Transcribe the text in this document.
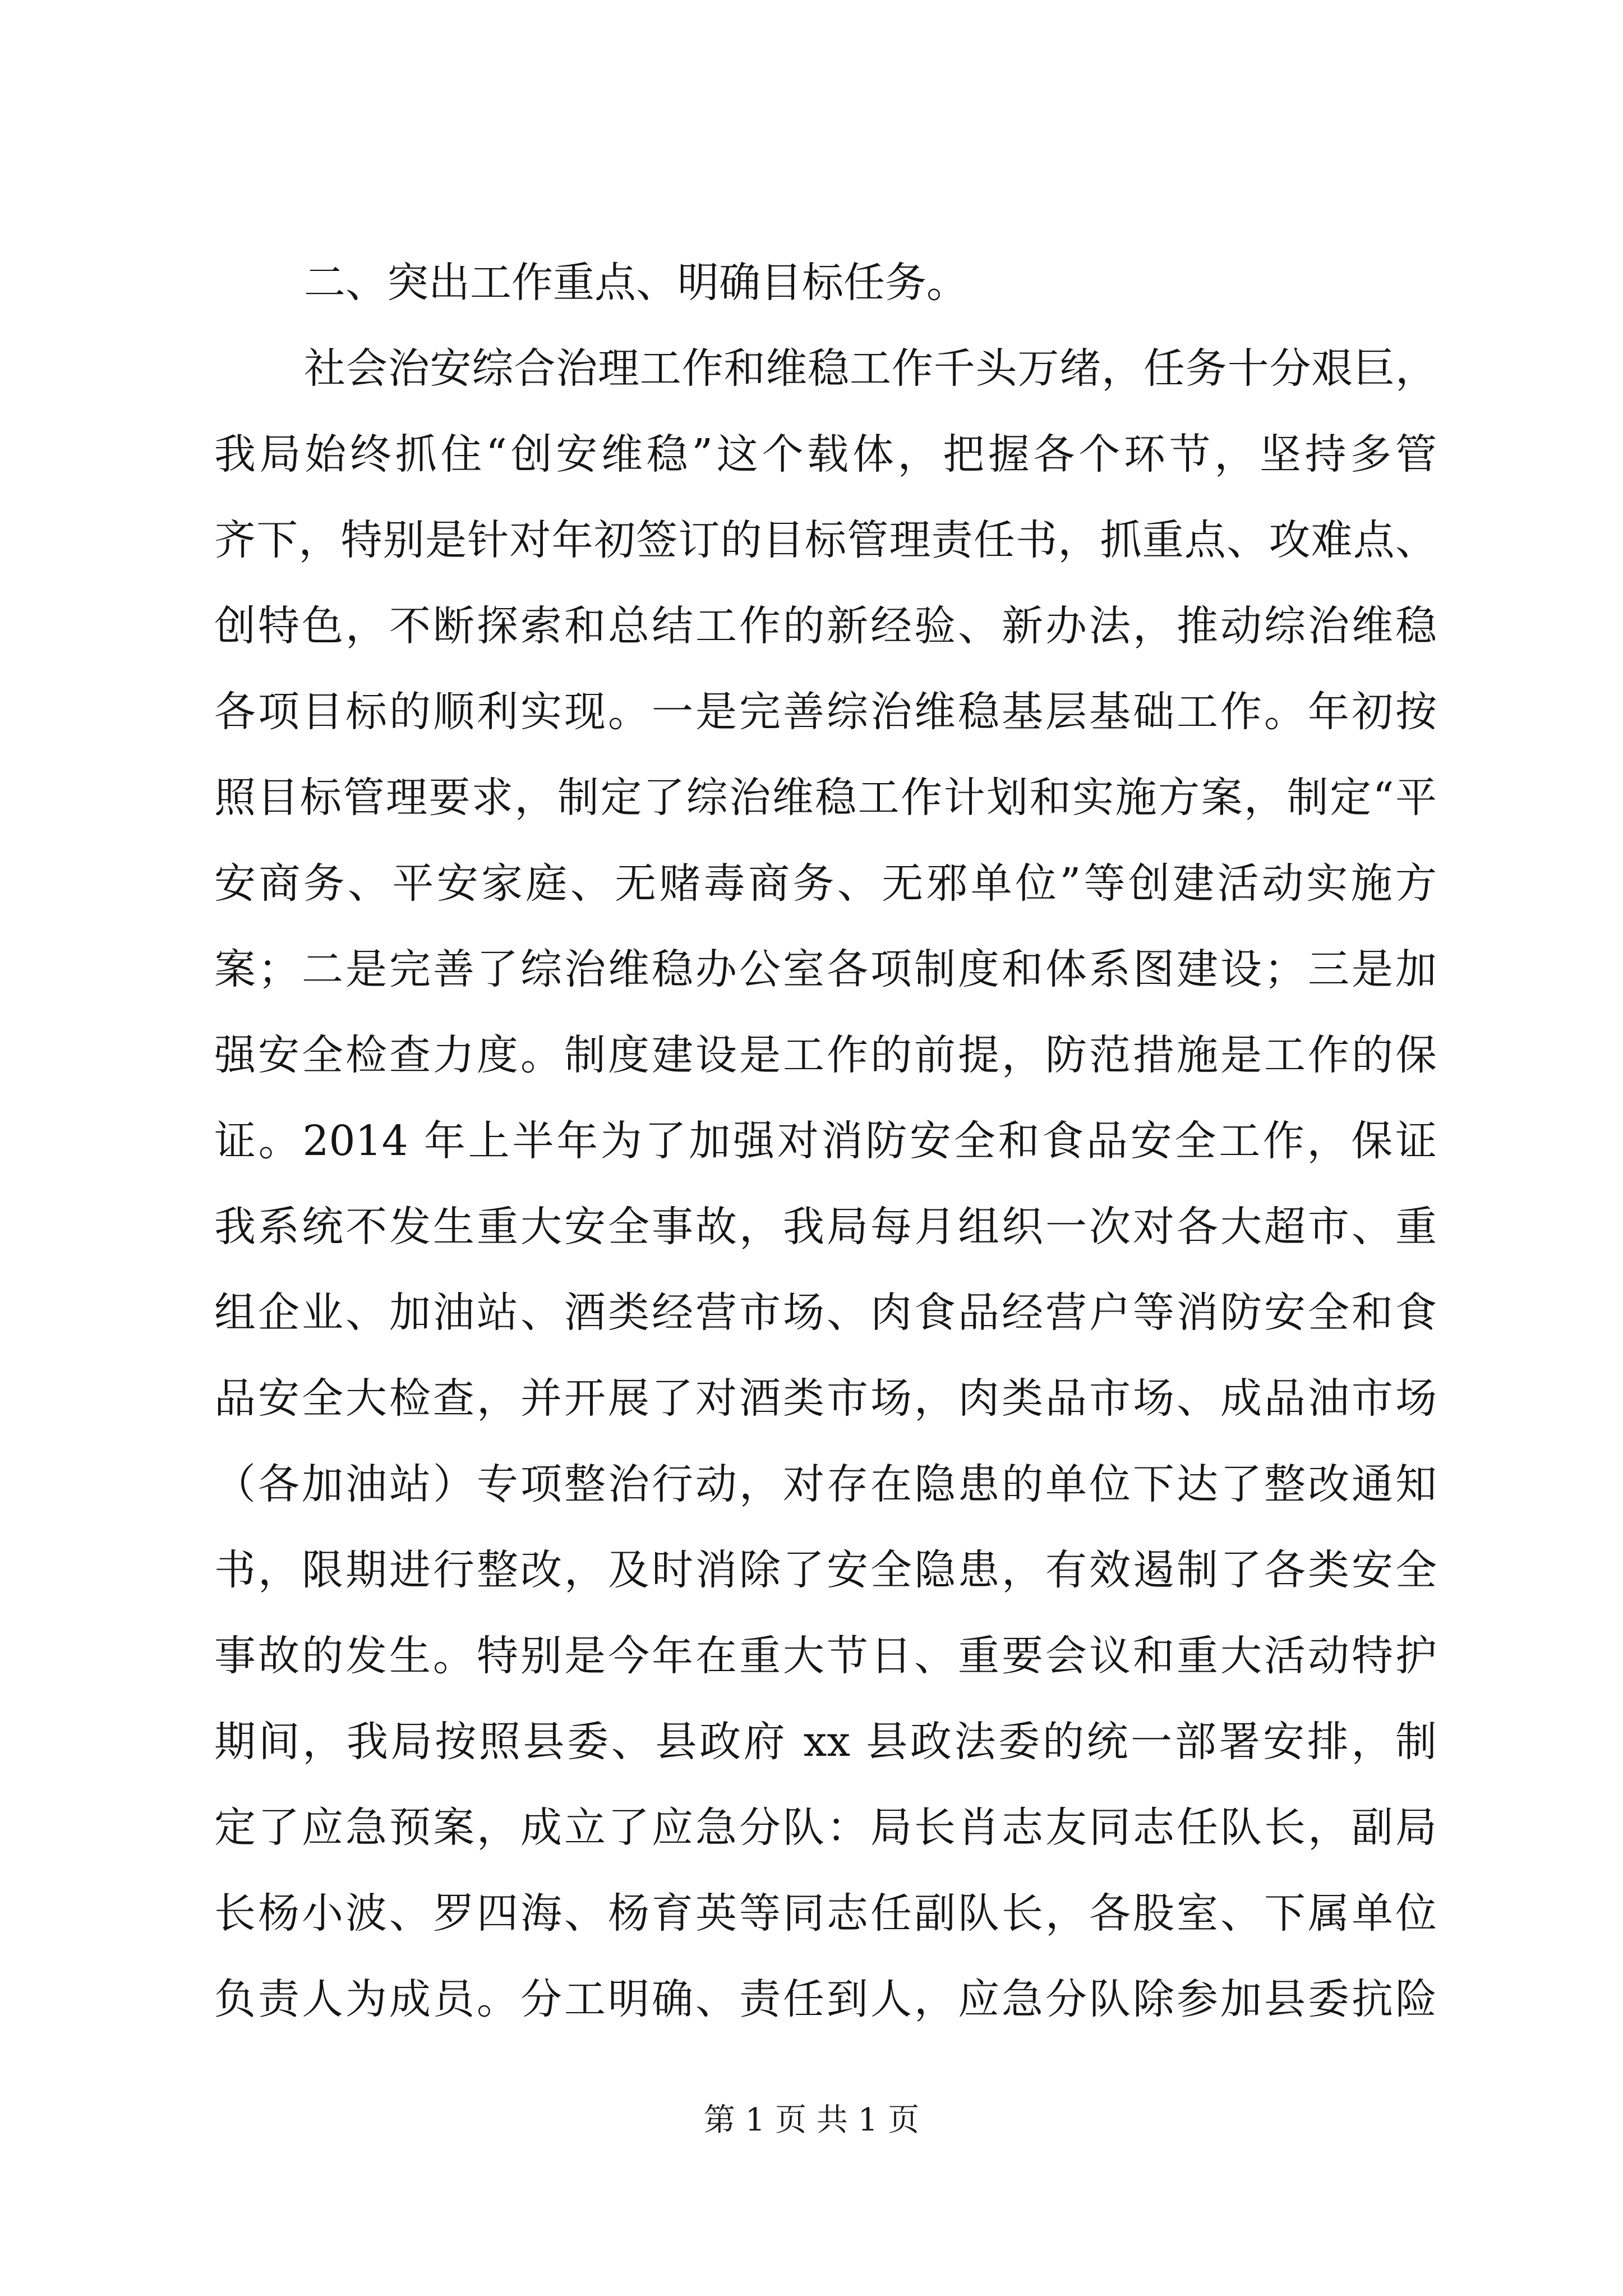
二、突出工作重点、明确目标任务。
社会治安综合治理工作和维稳工作千头万绪，任务十分艰巨，
我局始终抓住“创安维稳”这个载体，把握各个环节，坚持多管
齐下，特别是针对年初签订的目标管理责任书，抓重点、攻难点、
创特色，不断探索和总结工作的新经验、新办法，推动综治维稳
各项目标的顺利实现。一是完善综治维稳基层基础工作。年初按
照目标管理要求，制定了综治维稳工作计划和实施方案，制定“平
安商务、平安家庭、无赌毒商务、无邪单位”等创建活动实施方
案；二是完善了综治维稳办公室各项制度和体系图建设；三是加
强安全检查力度。制度建设是工作的前提，防范措施是工作的保
证。2014 年上半年为了加强对消防安全和食品安全工作，保证
我系统不发生重大安全事故，我局每月组织一次对各大超市、重
组企业、加油站、酒类经营市场、肉食品经营户等消防安全和食
品安全大检查，并开展了对酒类市场，肉类品市场、成品油市场
（各加油站）专项整治行动，对存在隐患的单位下达了整改通知
书，限期进行整改，及时消除了安全隐患，有效遏制了各类安全
事故的发生。特别是今年在重大节日、重要会议和重大活动特护
期间，我局按照县委、县政府 xx 县政法委的统一部署安排，制
定了应急预案，成立了应急分队：局长肖志友同志任队长，副局
长杨小波、罗四海、杨育英等同志任副队长，各股室、下属单位
负责人为成员。分工明确、责任到人，应急分队除参加县委抗险
第 1 页 共 1 页
